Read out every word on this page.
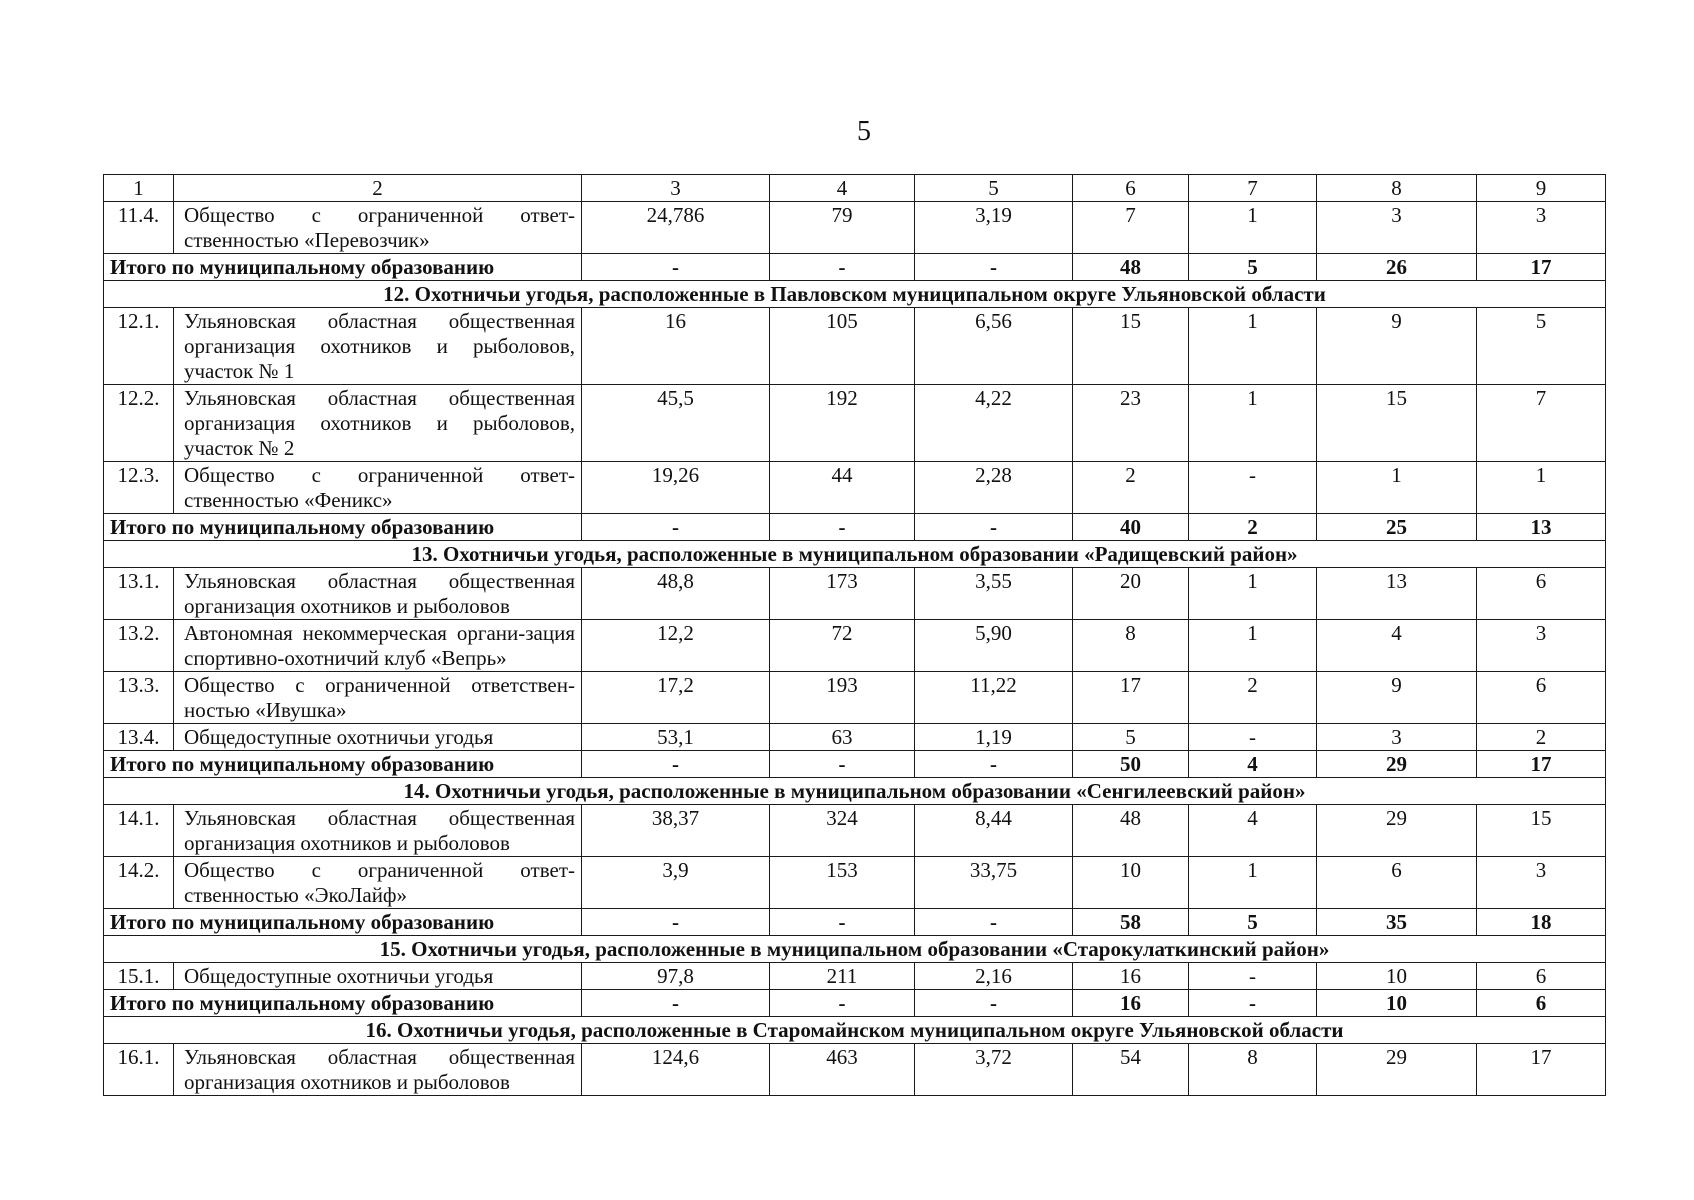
5
1	2	3	4	5	6	7	8	9
11.4.	Общество с ограниченной ответ-ственностью «Перевозчик»	24,786	79	3,19	7	1	3	3
Итого по муниципальному образованию		-	-	-	48	5	26	17
12. Охотничьи угодья, расположенные в Павловском муниципальном округе Ульяновской области								
12.1.	Ульяновская областная общественная организация охотников и рыболовов, участок № 1	16	105	6,56	15	1	9	5
12.2.	Ульяновская областная общественная организация охотников и рыболовов, участок № 2	45,5	192	4,22	23	1	15	7
12.3.	Общество с ограниченной ответ-ственностью «Феникс»	19,26	44	2,28	2	-	1	1
Итого по муниципальному образованию		-	-	-	40	2	25	13
13. Охотничьи угодья, расположенные в муниципальном образовании «Радищевский район»								
13.1.	Ульяновская областная общественная организация охотников и рыболовов	48,8	173	3,55	20	1	13	6
13.2.	Автономная некоммерческая органи-зация спортивно-охотничий клуб «Вепрь»	12,2	72	5,90	8	1	4	3
13.3.	Общество с ограниченной ответствен-ностью «Ивушка»	17,2	193	11,22	17	2	9	6
13.4.	Общедоступные охотничьи угодья	53,1	63	1,19	5	-	3	2
Итого по муниципальному образованию		-	-	-	50	4	29	17
14. Охотничьи угодья, расположенные в муниципальном образовании «Сенгилеевский район»								
14.1.	Ульяновская областная общественная организация охотников и рыболовов	38,37	324	8,44	48	4	29	15
14.2.	Общество с ограниченной ответ-ственностью «ЭкоЛайф»	3,9	153	33,75	10	1	6	3
Итого по муниципальному образованию		-	-	-	58	5	35	18
15. Охотничьи угодья, расположенные в муниципальном образовании «Старокулаткинский район»								
15.1.	Общедоступные охотничьи угодья	97,8	211	2,16	16	-	10	6
Итого по муниципальному образованию		-	-	-	16	-	10	6
16. Охотничьи угодья, расположенные в Старомайнском муниципальном округе Ульяновской области								
16.1.	Ульяновская областная общественная организация охотников и рыболовов	124,6	463	3,72	54	8	29	17
